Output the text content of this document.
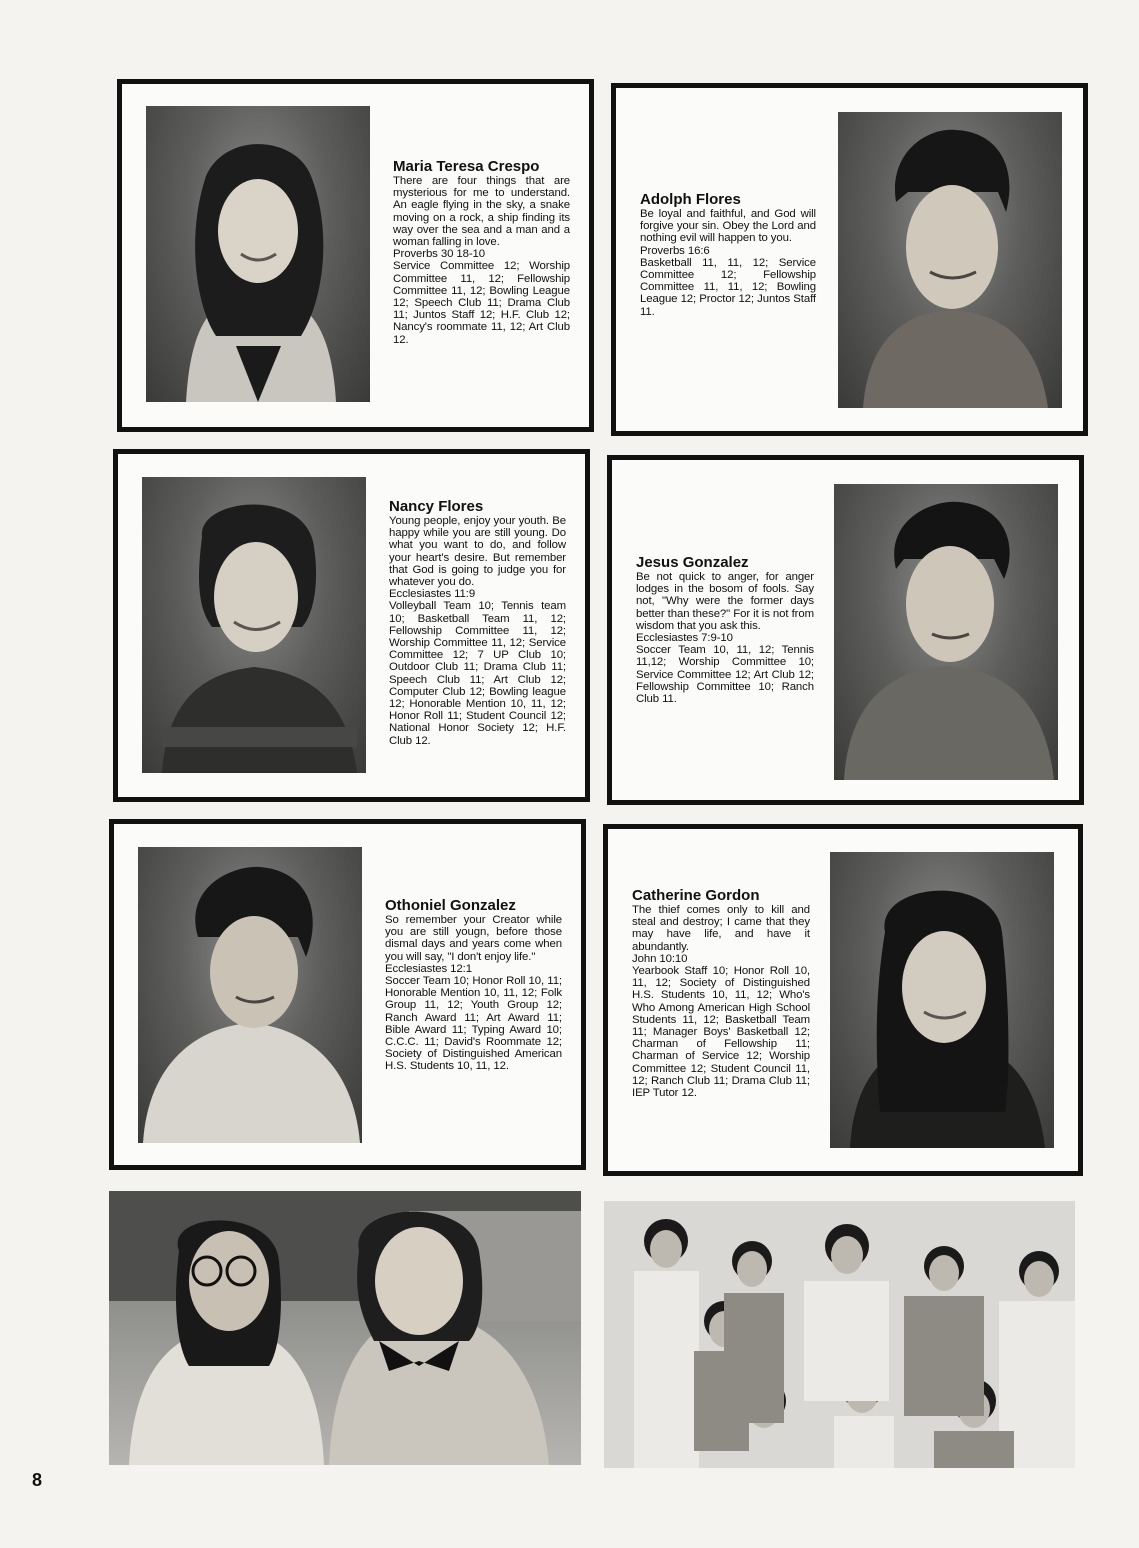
Maria Teresa Crespo
There are four things that are mysterious for me to understand. An eagle flying in the sky, a snake moving on a rock, a ship finding its way over the sea and a man and a woman falling in love.
Proverbs 30 18-10
Service Committee 12; Worship Committee 11, 12; Fellowship Committee 11, 12; Bowling League 12; Speech Club 11; Drama Club 11; Juntos Staff 12; H.F. Club 12; Nancy's roommate 11, 12; Art Club 12.
Adolph Flores
Be loyal and faithful, and God will forgive your sin. Obey the Lord and nothing evil will happen to you.
Proverbs 16:6
Basketball 11, 11, 12; Service Committee 12; Fellowship Committee 11, 11, 12; Bowling League 12; Proctor 12; Juntos Staff 11.
Nancy Flores
Young people, enjoy your youth. Be happy while you are still young. Do what you want to do, and follow your heart's desire. But remember that God is going to judge you for whatever you do.
Ecclesiastes 11:9
Volleyball Team 10; Tennis team 10; Basketball Team 11, 12; Fellowship Committee 11, 12; Worship Committee 11, 12; Service Committee 12; 7 UP Club 10; Outdoor Club 11; Drama Club 11; Speech Club 11; Art Club 12; Computer Club 12; Bowling league 12; Honorable Mention 10, 11, 12; Honor Roll 11; Student Council 12; National Honor Society 12; H.F. Club 12.
Jesus Gonzalez
Be not quick to anger, for anger lodges in the bosom of fools. Say not, "Why were the former days better than these?" For it is not from wisdom that you ask this.
Ecclesiastes 7:9-10
Soccer Team 10, 11, 12; Tennis 11,12; Worship Committee 10; Service Committee 12; Art Club 12; Fellowship Committee 10; Ranch Club 11.
Othoniel Gonzalez
So remember your Creator while you are still yougn, before those dismal days and years come when you will say, "I don't enjoy life."
Ecclesiastes 12:1
Soccer Team 10; Honor Roll 10, 11; Honorable Mention 10, 11, 12; Folk Group 11, 12; Youth Group 12; Ranch Award 11; Art Award 11; Bible Award 11; Typing Award 10; C.C.C. 11; David's Roommate 12; Society of Distinguished American H.S. Students 10, 11, 12.
Catherine Gordon
The thief comes only to kill and steal and destroy; I came that they may have life, and have it abundantly.
John 10:10
Yearbook Staff 10; Honor Roll 10, 11, 12; Society of Distinguished H.S. Students 10, 11, 12; Who's Who Among American High School Students 11, 12; Basketball Team 11; Manager Boys' Basketball 12; Charman of Fellowship 11; Charman of Service 12; Worship Committee 12; Student Council 11, 12; Ranch Club 11; Drama Club 11; IEP Tutor 12.
8
